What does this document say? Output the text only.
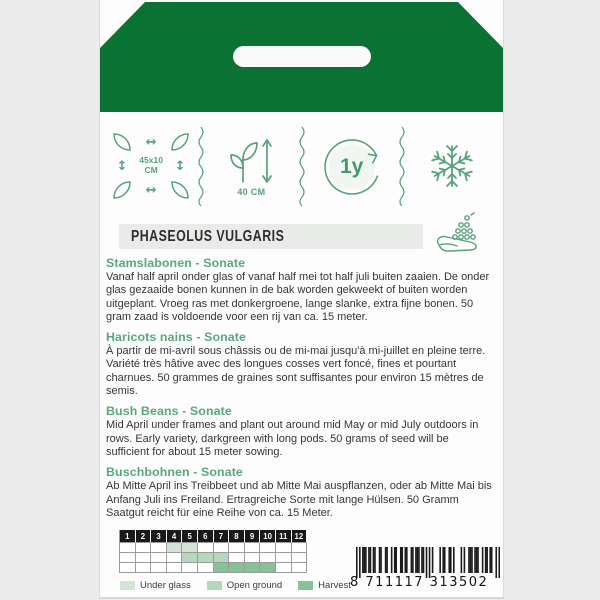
↔
↕ 45x10
CM	↕
↔	40 CM
1y
PHASEOLUS VULGARIS
Stamslabonen - Sonate

Vanaf half april onder glas of vanaf half mei tot half juli buiten zaaien. De onder glas gezaaide bonen kunnen in de bak worden gekweekt of buiten worden uitgeplant. Vroeg ras met donkergroene, lange slanke, extra fijne bonen. 50 gram zaad is voldoende voor een rij van ca. 15 meter.

Haricots nains - Sonate

À partir de mi-avril sous châssis ou de mi-mai jusqu'à mi-juillet en pleine terre. Variété très hâtive avec des longues cosses vert foncé, fines et pourtant charnues. 50 grammes de graines sont suffisantes pour environ 15 mètres de semis.

Bush Beans - Sonate

Mid April under frames and plant out around mid May or mid July outdoors in rows. Early variety, darkgreen with long pods. 50 grams of seed will be sufficient for about 15 meter sowing.

Buschbohnen - Sonate

Ab Mitte April ins Treibbeet und ab Mitte Mai auspflanzen, oder ab Mitte Mai bis Anfang Juli ins Freiland. Ertragreiche Sorte mit lange Hülsen. 50 Gramm Saatgut reicht für eine Reihe von ca. 15 Meter.

1	2	3	4	5	6	7	8	9	10 11 12
Under glass	Open ground	Harvest 8 711117 313502
